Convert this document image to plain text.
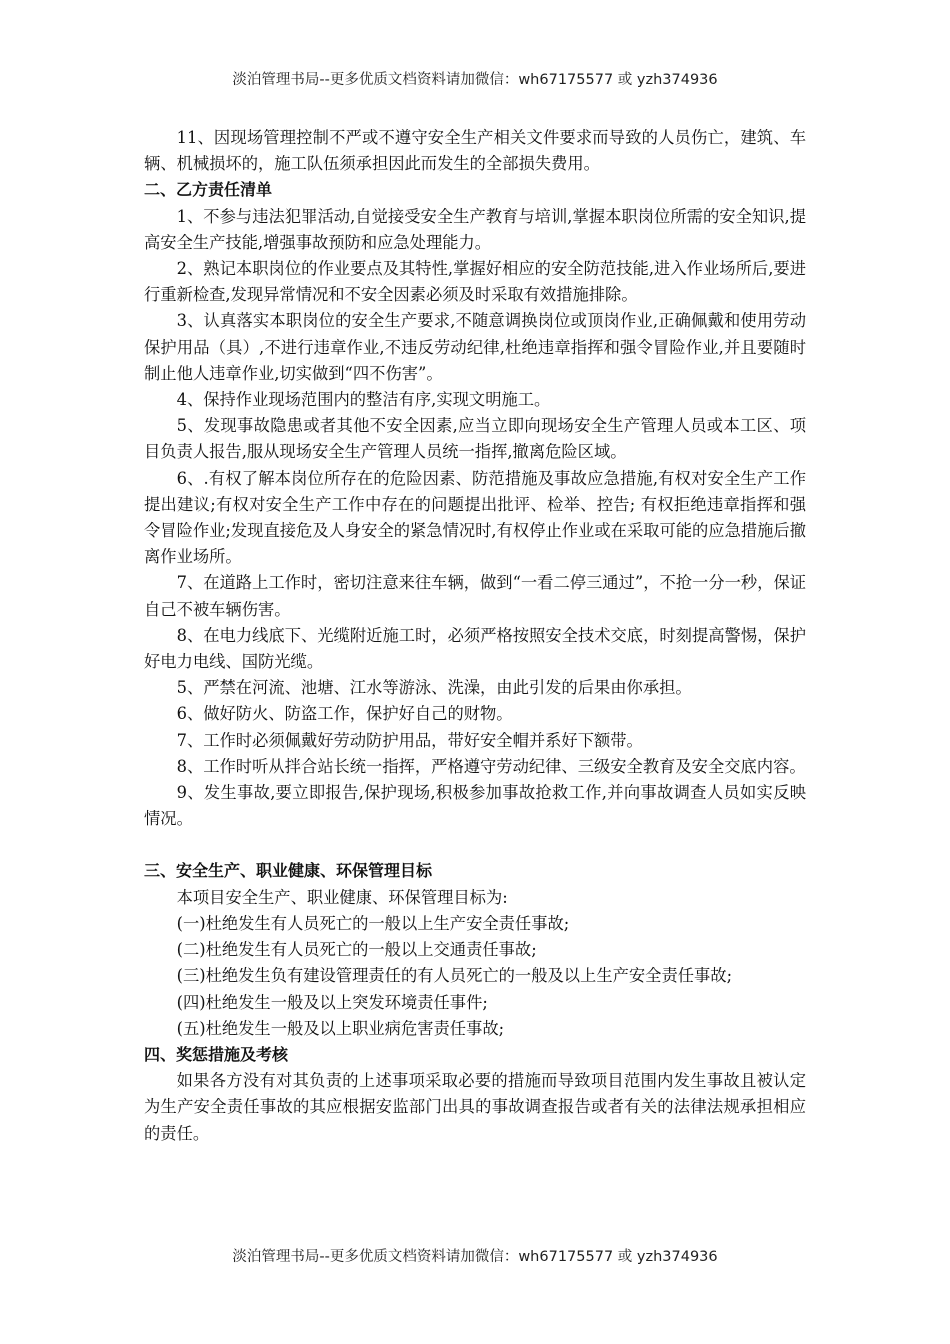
淡泊管理书局--更多优质文档资料请加微信：wh67175577 或 yzh374936

11、因现场管理控制不严或不遵守安全生产相关文件要求而导致的人员伤亡，建筑、车辆、机械损坏的，施工队伍须承担因此而发生的全部损失费用。

二、乙方责任清单

1、不参与违法犯罪活动,自觉接受安全生产教育与培训,掌握本职岗位所需的安全知识,提高安全生产技能,增强事故预防和应急处理能力。

2、熟记本职岗位的作业要点及其特性,掌握好相应的安全防范技能,进入作业场所后,要进行重新检查,发现异常情况和不安全因素必须及时采取有效措施排除。

3、认真落实本职岗位的安全生产要求,不随意调换岗位或顶岗作业,正确佩戴和使用劳动保护用品（具）,不进行违章作业,不违反劳动纪律,杜绝违章指挥和强令冒险作业,并且要随时制止他人违章作业,切实做到“四不伤害”。

4、保持作业现场范围内的整洁有序,实现文明施工。

5、发现事故隐患或者其他不安全因素,应当立即向现场安全生产管理人员或本工区、项目负责人报告,服从现场安全生产管理人员统一指挥,撤离危险区域。

6、.有权了解本岗位所存在的危险因素、防范措施及事故应急措施,有权对安全生产工作提出建议;有权对安全生产工作中存在的问题提出批评、检举、控告; 有权拒绝违章指挥和强令冒险作业;发现直接危及人身安全的紧急情况时,有权停止作业或在采取可能的应急措施后撤离作业场所。

7、在道路上工作时，密切注意来往车辆，做到“一看二停三通过”，不抢一分一秒，保证自己不被车辆伤害。

8、在电力线底下、光缆附近施工时，必须严格按照安全技术交底，时刻提高警惕，保护好电力电线、国防光缆。

5、严禁在河流、池塘、江水等游泳、洗澡，由此引发的后果由你承担。

6、做好防火、防盗工作，保护好自己的财物。

7、工作时必须佩戴好劳动防护用品，带好安全帽并系好下额带。

8、工作时听从拌合站长统一指挥，严格遵守劳动纪律、三级安全教育及安全交底内容。

9、发生事故,要立即报告,保护现场,积极参加事故抢救工作,并向事故调查人员如实反映情况。

三、安全生产、职业健康、环保管理目标

本项目安全生产、职业健康、环保管理目标为:

(一)杜绝发生有人员死亡的一般以上生产安全责任事故;

(二)杜绝发生有人员死亡的一般以上交通责任事故;

(三)杜绝发生负有建设管理责任的有人员死亡的一般及以上生产安全责任事故;

(四)杜绝发生一般及以上突发环境责任事件;

(五)杜绝发生一般及以上职业病危害责任事故;

四、奖惩措施及考核

如果各方没有对其负责的上述事项采取必要的措施而导致项目范围内发生事故且被认定为生产安全责任事故的其应根据安监部门出具的事故调查报告或者有关的法律法规承担相应的责任。

淡泊管理书局--更多优质文档资料请加微信：wh67175577 或 yzh374936
